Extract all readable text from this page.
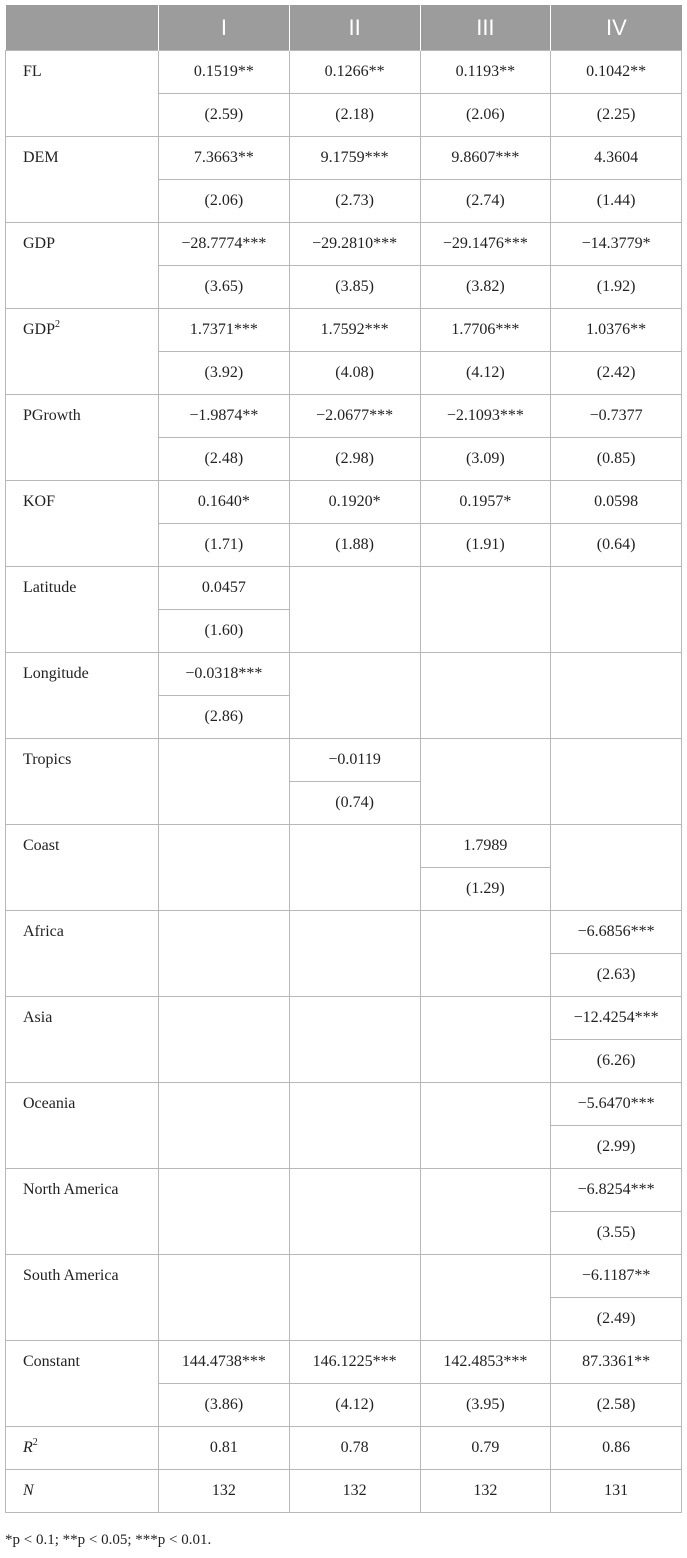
	I	II	III	IV
FL	0.1519**	0.1266**	0.1193**	0.1042**
	(2.59)	(2.18)	(2.06)	(2.25)
DEM	7.3663**	9.1759***	9.8607***	4.3604
	(2.06)	(2.73)	(2.74)	(1.44)
GDP	−28.7774***	−29.2810***	−29.1476***	−14.3779*
	(3.65)	(3.85)	(3.82)	(1.92)
GDP$^2$	1.7371***	1.7592***	1.7706***	1.0376**
	(3.92)	(4.08)	(4.12)	(2.42)
PGrowth	−1.9874**	−2.0677***	−2.1093***	−0.7377
	(2.48)	(2.98)	(3.09)	(0.85)
KOF	0.1640*	0.1920*	0.1957*	0.0598
	(1.71)	(1.88)	(1.91)	(0.64)
Latitude	0.0457			
	(1.60)			
Longitude	−0.0318***			
	(2.86)			
Tropics		−0.0119		
		(0.74)		
Coast			1.7989	
			(1.29)	
Africa				−6.6856***
				(2.63)
Asia				−12.4254***
				(6.26)
Oceania				−5.6470***
				(2.99)
North America				−6.8254***
				(3.55)
South America				−6.1187**
				(2.49)
Constant	144.4738***	146.1225***	142.4853***	87.3361**
	(3.86)	(4.12)	(3.95)	(2.58)
$R^2$	0.81	0.78	0.79	0.86
N	132	132	132	131
*p < 0.1; **p < 0.05; ***p < 0.01.
